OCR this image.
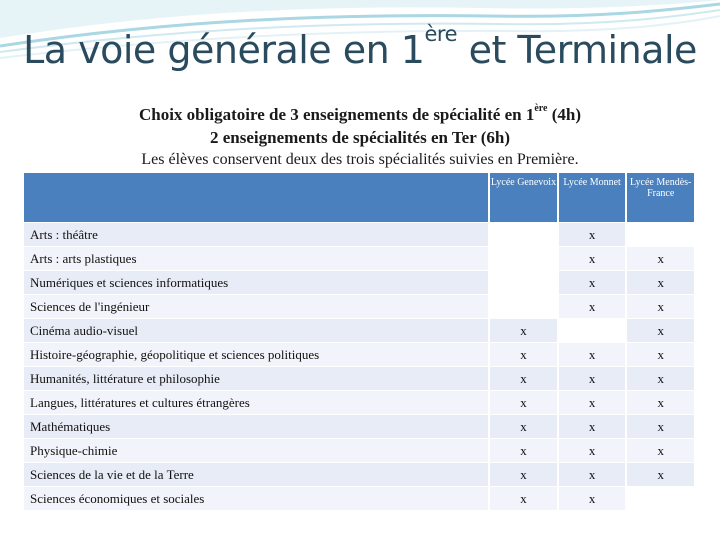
La voie générale en 1ère et Terminale
Choix obligatoire de 3 enseignements de spécialité en 1ère (4h)
2 enseignements de spécialités en Ter (6h)
Les élèves conservent deux des trois spécialités suivies en Première.
	Lycée Genevoix	Lycée Monnet	Lycée Mendès-France
Arts : théâtre		x	
Arts : arts plastiques		x	x
Numériques et sciences informatiques		x	x
Sciences de l'ingénieur		x	x
Cinéma audio-visuel	x		x
Histoire-géographie, géopolitique et sciences politiques	x	x	x
Humanités, littérature et philosophie	x	x	x
Langues, littératures et cultures étrangères	x	x	x
Mathématiques	x	x	x
Physique-chimie	x	x	x
Sciences de la vie et de la Terre	x	x	x
Sciences économiques et sociales	x	x	
